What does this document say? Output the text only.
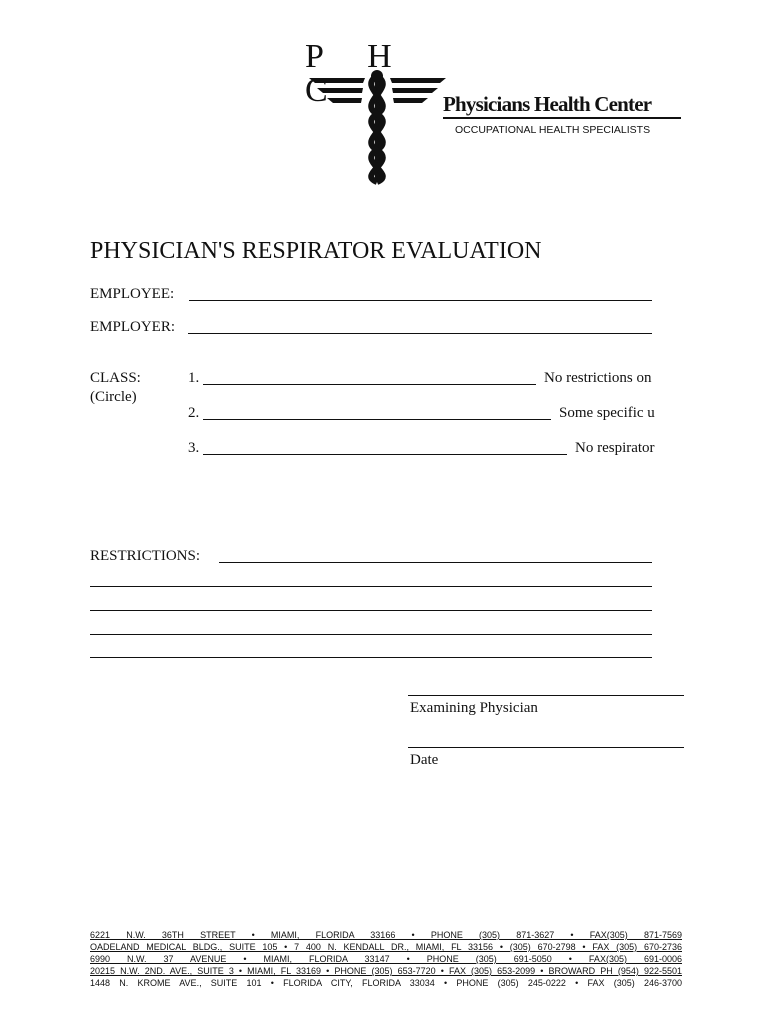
P H C	Physicians Health Center
OCCUPATIONAL HEALTH SPECIALISTS
PHYSICIAN'S RESPIRATOR EVALUATION
EMPLOYEE:
EMPLOYER:
CLASS:
(Circle)
1.	No restrictions on
2.	Some specific u
3.	No respirator
RESTRICTIONS:
Examining Physician
Date
6221 N.W. 36TH STREET • MIAMI, FLORIDA 33166 • PHONE (305) 871-3627 • FAX(305) 871-7569
OADELAND MEDICAL BLDG., SUITE 105 • 7 400 N. KENDALL DR., MIAMI, FL 33156 • (305) 670-2798 • FAX (305) 670-2736
6990 N.W. 37 AVENUE • MIAMI, FLORIDA 33147 • PHONE (305) 691-5050 • FAX(305) 691-0006
20215 N.W. 2ND. AVE., SUITE 3 • MIAMI, FL 33169 • PHONE (305) 653-7720 • FAX (305) 653-2099 • BROWARD PH (954) 922-5501
1448 N. KROME AVE., SUITE 101 • FLORIDA CITY, FLORIDA 33034 • PHONE (305) 245-0222 • FAX (305) 246-3700
